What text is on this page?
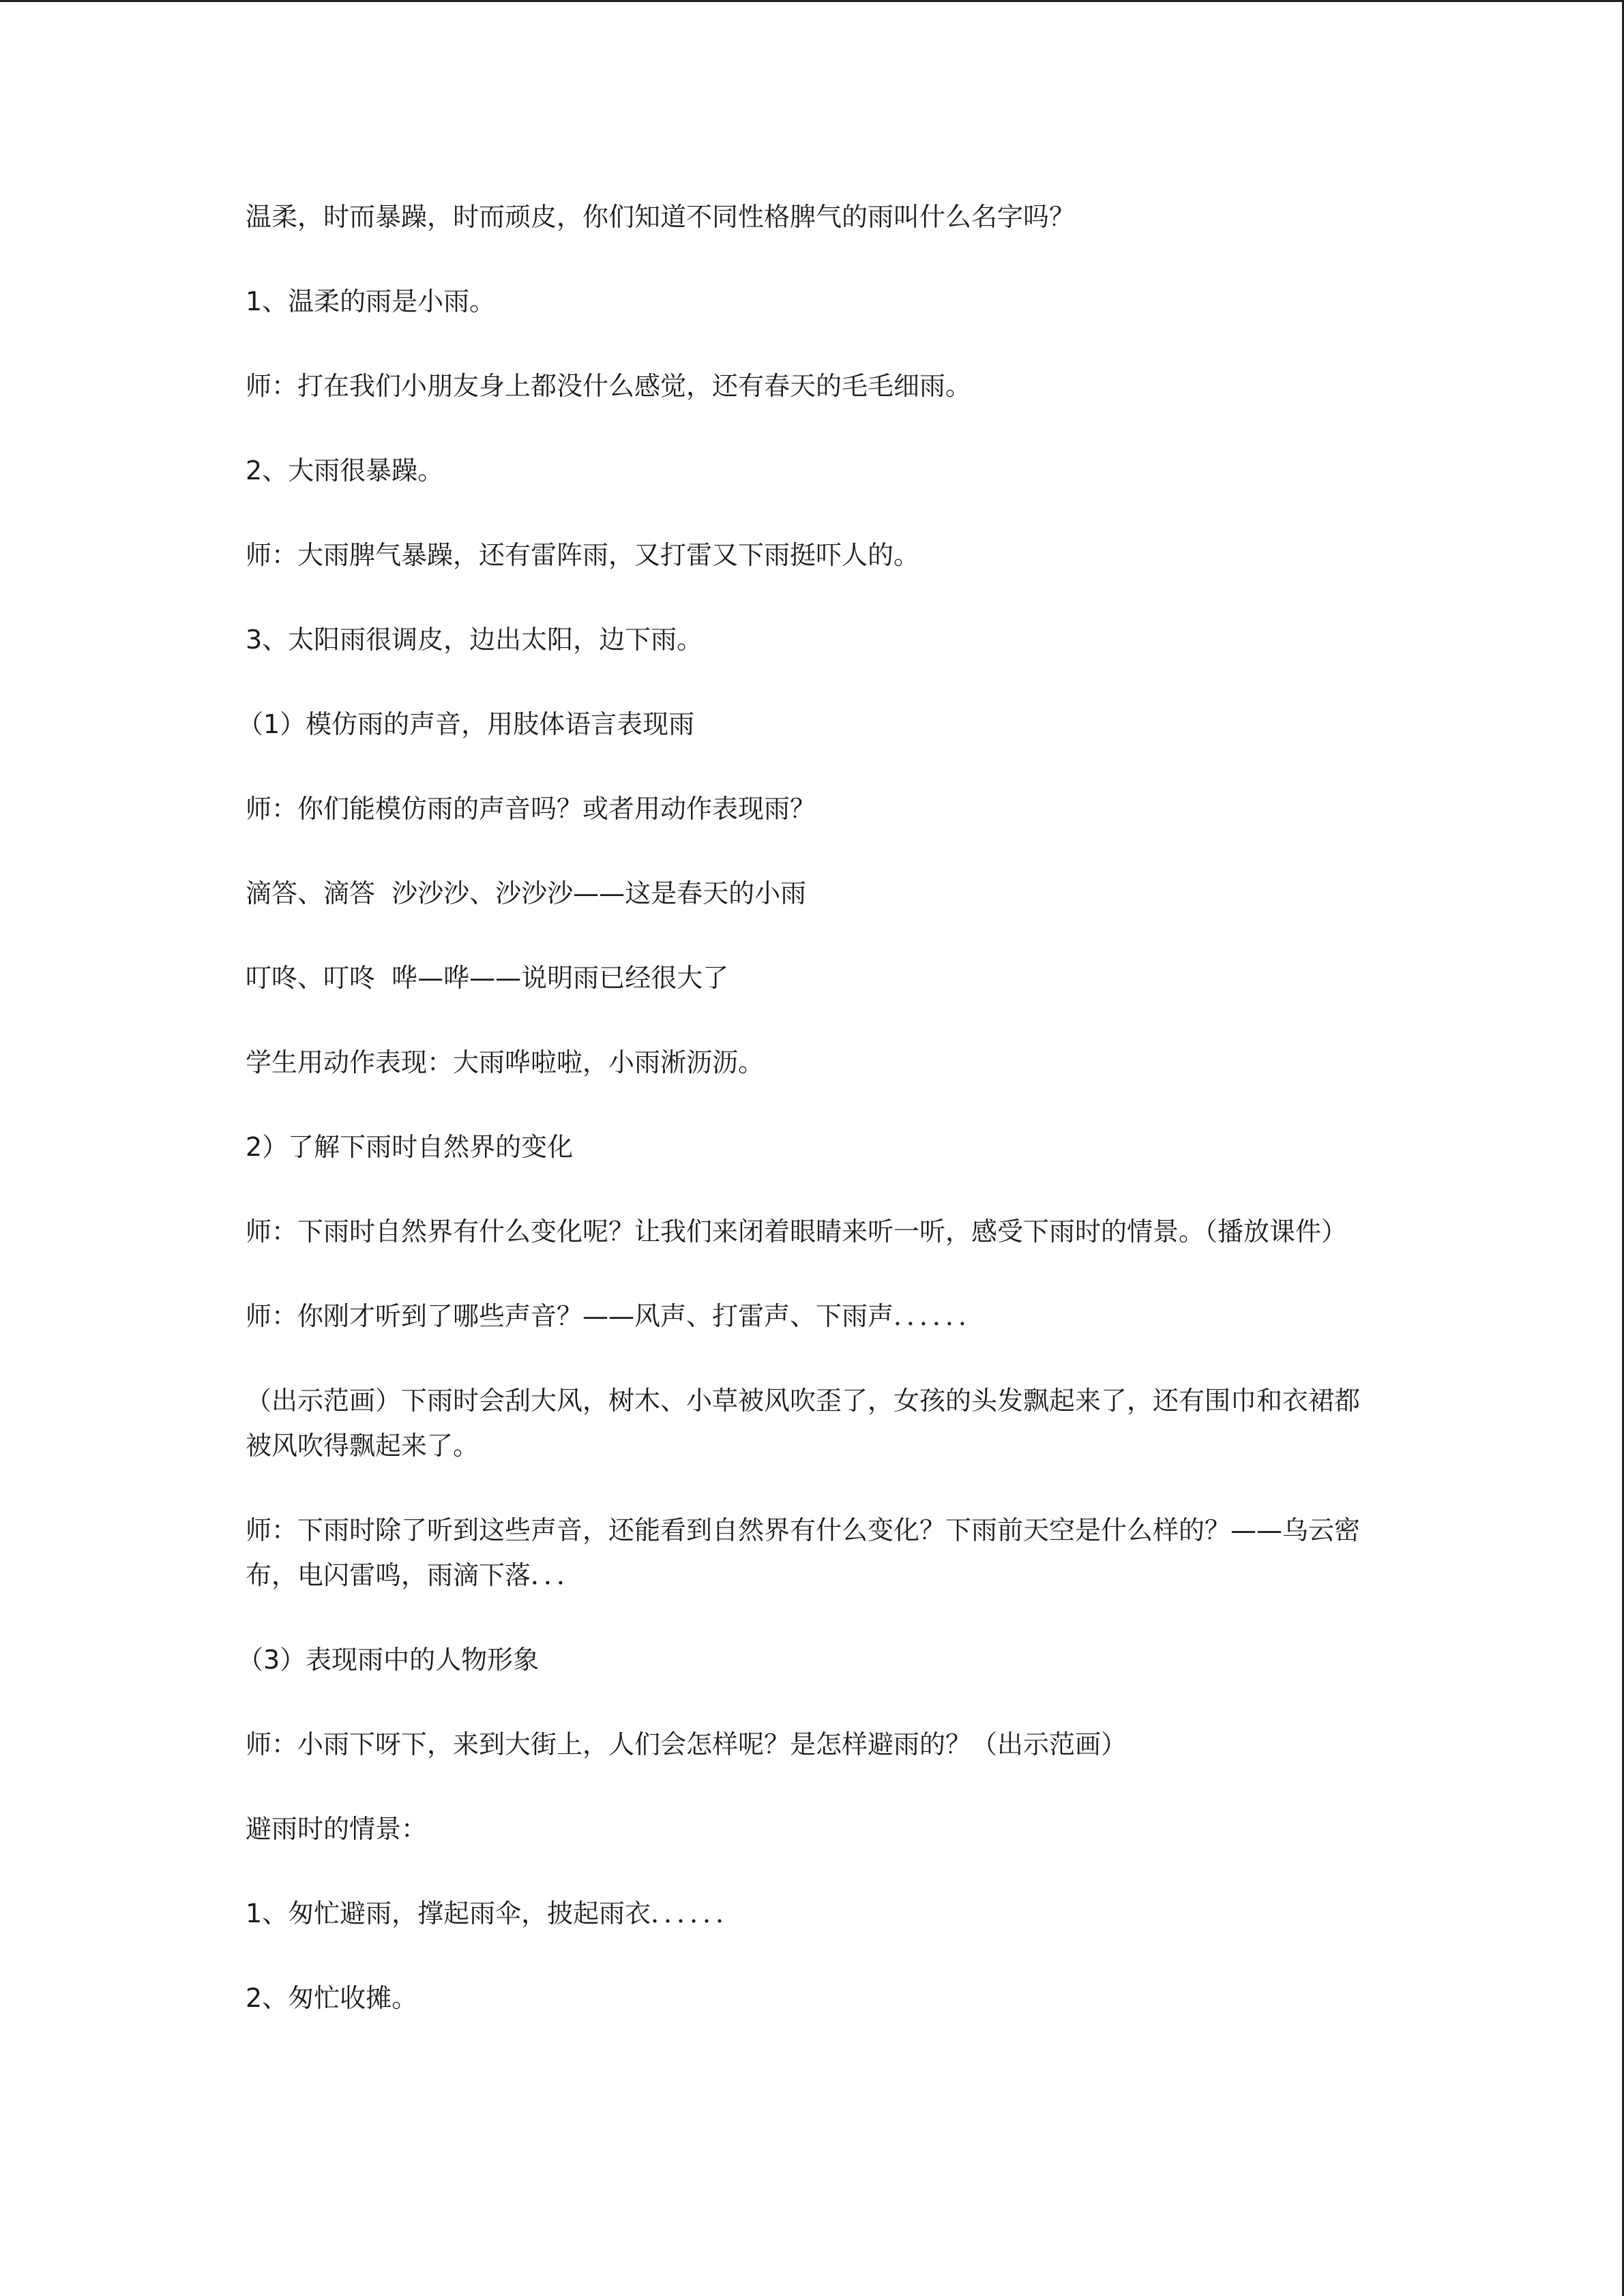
温柔，时而暴躁，时而顽皮，你们知道不同性格脾气的雨叫什么名字吗？

1、温柔的雨是小雨。

师：打在我们小朋友身上都没什么感觉，还有春天的毛毛细雨。

2、大雨很暴躁。

师：大雨脾气暴躁，还有雷阵雨，又打雷又下雨挺吓人的。

3、太阳雨很调皮，边出太阳，边下雨。

（1）模仿雨的声音，用肢体语言表现雨

师：你们能模仿雨的声音吗？或者用动作表现雨？

滴答、滴答  沙沙沙、沙沙沙——这是春天的小雨

叮咚、叮咚  哗—哗——说明雨已经很大了

学生用动作表现：大雨哗啦啦，小雨淅沥沥。

2）了解下雨时自然界的变化

师：下雨时自然界有什么变化呢？让我们来闭着眼睛来听一听，感受下雨时的情景。（播放课件）

师：你刚才听到了哪些声音？——风声、打雷声、下雨声．．．．．．

（出示范画）下雨时会刮大风，树木、小草被风吹歪了，女孩的头发飘起来了，还有围巾和衣裙都被风吹得飘起来了。

师：下雨时除了听到这些声音，还能看到自然界有什么变化？下雨前天空是什么样的？——乌云密布，电闪雷鸣，雨滴下落．．．

（3）表现雨中的人物形象

师：小雨下呀下，来到大街上，人们会怎样呢？是怎样避雨的？（出示范画）

避雨时的情景：

1、匆忙避雨，撑起雨伞，披起雨衣．．．．．．

2、匆忙收摊。
